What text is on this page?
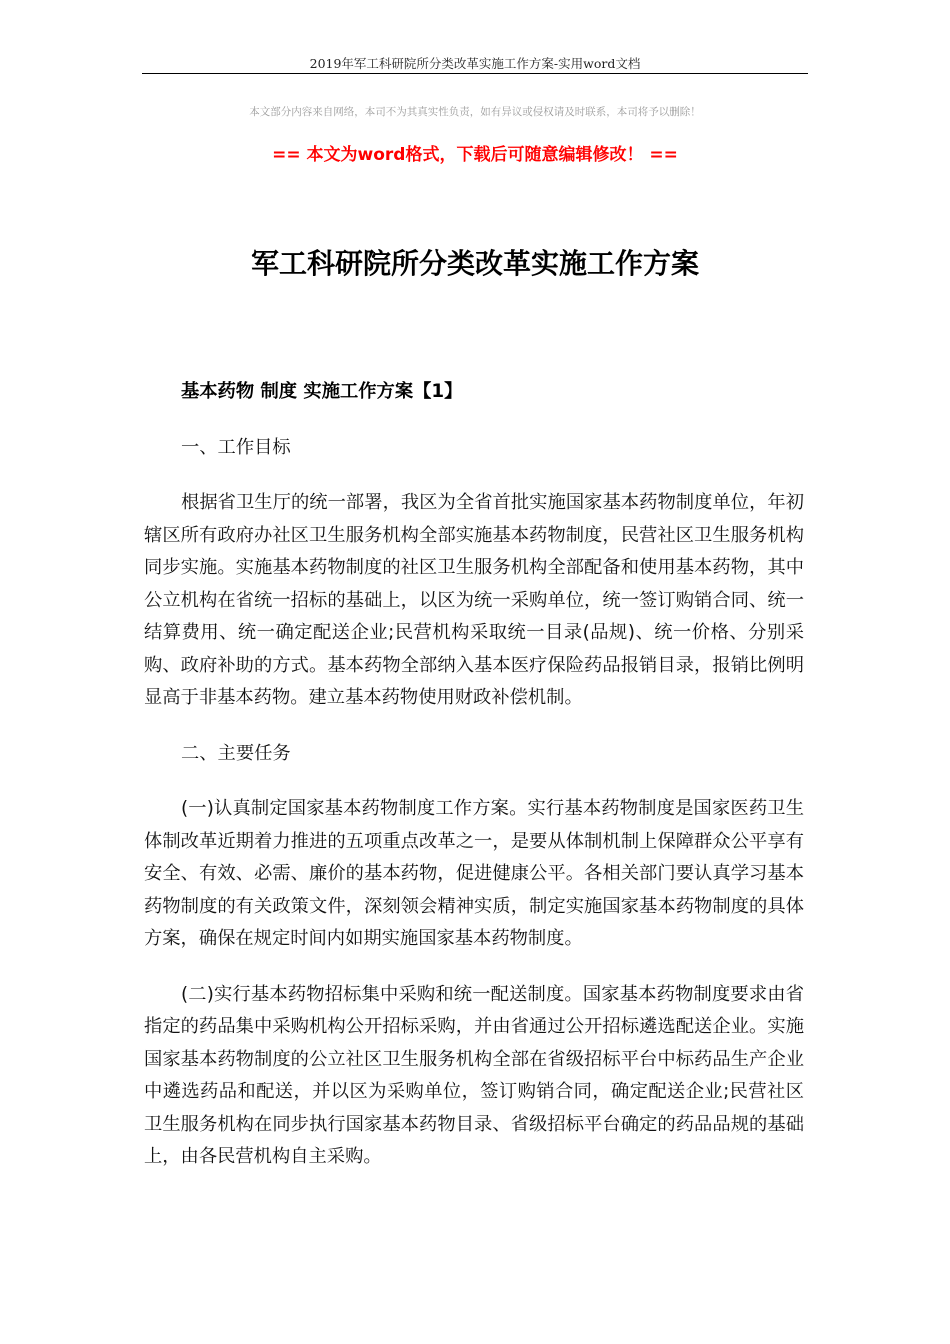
2019年军工科研院所分类改革实施工作方案-实用word文档
本文部分内容来自网络，本司不为其真实性负责，如有异议或侵权请及时联系，本司将予以删除！
== 本文为word格式，下载后可随意编辑修改！ ==
军工科研院所分类改革实施工作方案

基本药物 制度 实施工作方案【1】

一、工作目标

根据省卫生厅的统一部署，我区为全省首批实施国家基本药物制度单位，年初辖区所有政府办社区卫生服务机构全部实施基本药物制度，民营社区卫生服务机构同步实施。实施基本药物制度的社区卫生服务机构全部配备和使用基本药物，其中公立机构在省统一招标的基础上，以区为统一采购单位，统一签订购销合同、统一结算费用、统一确定配送企业;民营机构采取统一目录(品规)、统一价格、分别采购、政府补助的方式。基本药物全部纳入基本医疗保险药品报销目录，报销比例明显高于非基本药物。建立基本药物使用财政补偿机制。

二、主要任务

(一)认真制定国家基本药物制度工作方案。实行基本药物制度是国家医药卫生体制改革近期着力推进的五项重点改革之一，是要从体制机制上保障群众公平享有安全、有效、必需、廉价的基本药物，促进健康公平。各相关部门要认真学习基本药物制度的有关政策文件，深刻领会精神实质，制定实施国家基本药物制度的具体方案，确保在规定时间内如期实施国家基本药物制度。

(二)实行基本药物招标集中采购和统一配送制度。国家基本药物制度要求由省指定的药品集中采购机构公开招标采购，并由省通过公开招标遴选配送企业。实施国家基本药物制度的公立社区卫生服务机构全部在省级招标平台中标药品生产企业中遴选药品和配送，并以区为采购单位，签订购销合同，确定配送企业;民营社区卫生服务机构在同步执行国家基本药物目录、省级招标平台确定的药品品规的基础上，由各民营机构自主采购。
